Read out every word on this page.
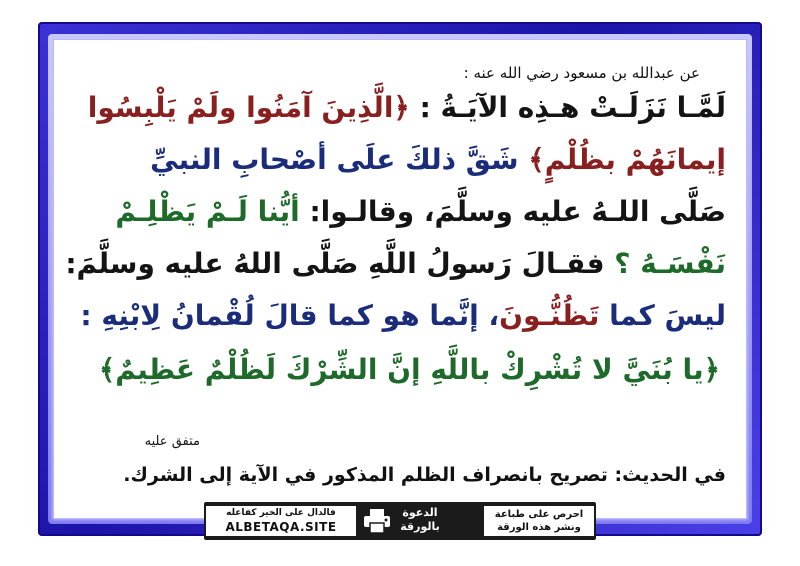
عن عبدالله بن مسعود رضي الله عنه :
لَمَّـا نَزَلَـتْ هـذِه الآيَـةُ : ﴿الَّذِينَ آمَنُوا ولَمْ يَلْبِسُوا
إيمانَهُمْ بظُلْمٍ﴾ شَقَّ ذلكَ علَى أصْحابِ النبيِّ
صَلَّى اللـهُ عليه وسلَّمَ، وقالـوا: أيُّنا لَـمْ يَظْلِـمْ
نَفْسَـهُ ؟ فقـالَ رَسولُ اللَّهِ صَلَّى اللهُ عليه وسلَّمَ:
ليسَ كما تَظُنُّـونَ، إنَّما هو كما قالَ لُقْمانُ لِابْنِهِ :
﴿يا بُنَيَّ لا تُشْرِكْ باللَّهِ إنَّ الشِّرْكَ لَظُلْمٌ عَظِيمٌ﴾
متفق عليه
في الحديث: تصريح بانصراف الظلم المذكور في الآية إلى الشرك.
فالدال على الخير كفاعله
ALBETAQA.SITE
الدعوة بالورقة
احرص على طباعة
ونشر هذه الورقة
